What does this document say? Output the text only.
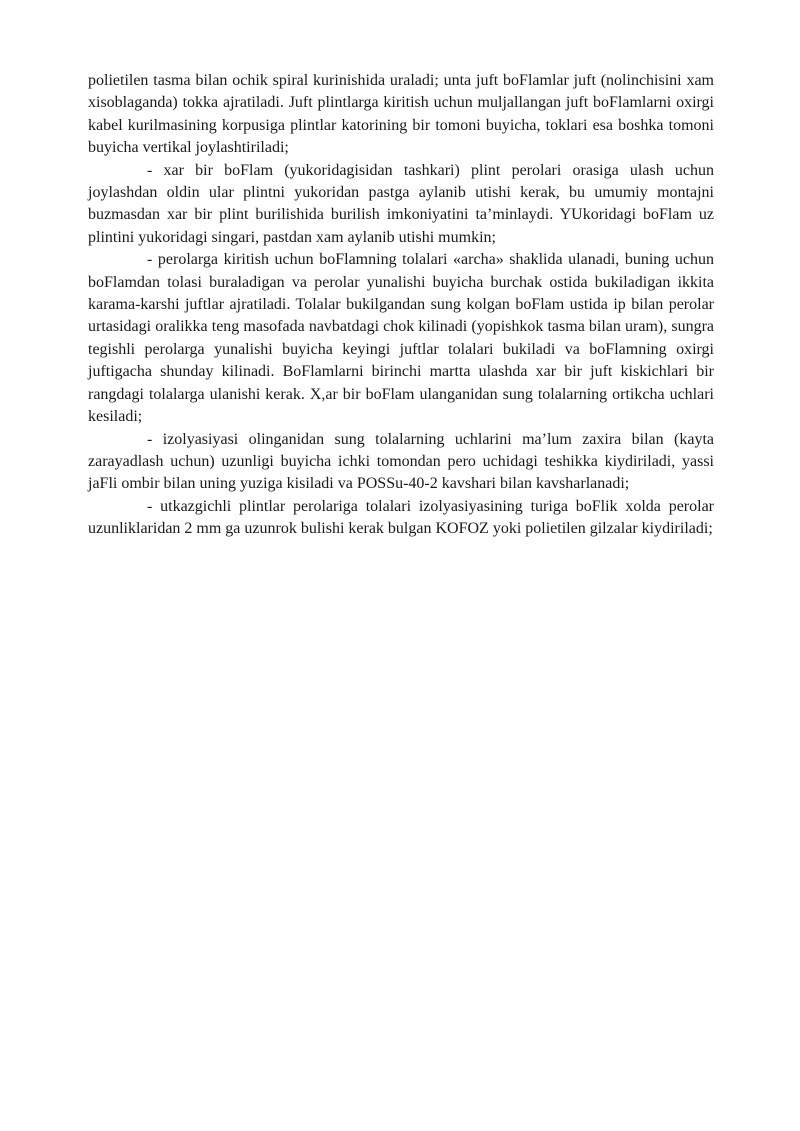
polietilen tasma bilan ochik spiral kurinishida uraladi; unta juft boFlamlar juft (nolinchisini xam xisoblaganda) tokka ajratiladi. Juft plintlarga kiritish uchun muljallangan juft boFlamlarni oxirgi kabel kurilmasining korpusiga plintlar katorining bir tomoni buyicha, toklari esa boshka tomoni buyicha vertikal joylashtiriladi;

- xar bir boFlam (yukoridagisidan tashkari) plint perolari orasiga ulash uchun joylashdan oldin ular plintni yukoridan pastga aylanib utishi kerak, bu umumiy montajni buzmasdan xar bir plint burilishida burilish imkoniyatini ta’minlaydi. YUkoridagi boFlam uz plintini yukoridagi singari, pastdan xam aylanib utishi mumkin;

- perolarga kiritish uchun boFlamning tolalari «archa» shaklida ulanadi, buning uchun boFlamdan tolasi buraladigan va perolar yunalishi buyicha burchak ostida bukiladigan ikkita karama-karshi juftlar ajratiladi. Tolalar bukilgandan sung kolgan boFlam ustida ip bilan perolar urtasidagi oralikka teng masofada navbatdagi chok kilinadi (yopishkok tasma bilan uram), sungra tegishli perolarga yunalishi buyicha keyingi juftlar tolalari bukiladi va boFlamning oxirgi juftigacha shunday kilinadi. BoFlamlarni birinchi martta ulashda xar bir juft kiskichlari bir rangdagi tolalarga ulanishi kerak. X,ar bir boFlam ulanganidan sung tolalarning ortikcha uchlari kesiladi;

- izolyasiyasi olinganidan sung tolalarning uchlarini ma’lum zaxira bilan (kayta zarayadlash uchun) uzunligi buyicha ichki tomondan pero uchidagi teshikka kiydiriladi, yassi jaFli ombir bilan uning yuziga kisiladi va POSSu-40-2 kavshari bilan kavsharlanadi;

- utkazgichli plintlar perolariga tolalari izolyasiyasining turiga boFlik xolda perolar uzunliklaridan 2 mm ga uzunrok bulishi kerak bulgan KOFOZ yoki polietilen gilzalar kiydiriladi;
